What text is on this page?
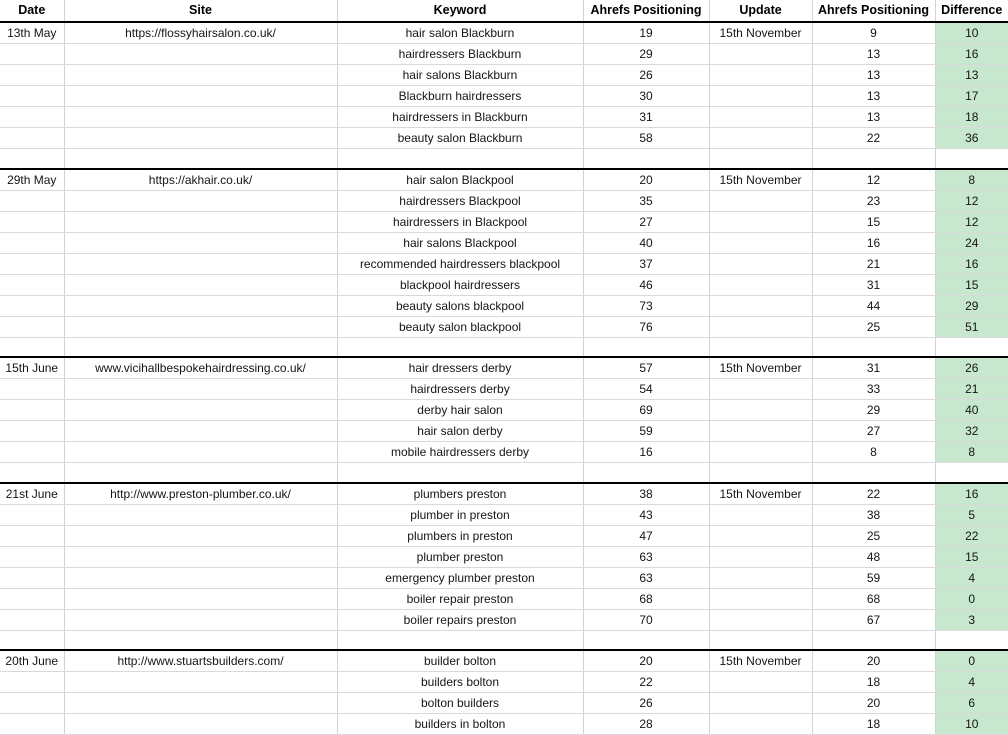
Date	Site	Keyword	Ahrefs Positioning	Update	Ahrefs Positioning	Difference
13th May	https://flossyhairsalon.co.uk/	hair salon Blackburn	19	15th November	9	10
		hairdressers Blackburn	29		13	16
		hair salons Blackburn	26		13	13
		Blackburn hairdressers	30		13	17
		hairdressers in Blackburn	31		13	18
		beauty salon Blackburn	58		22	36

29th May	https://akhair.co.uk/	hair salon Blackpool	20	15th November	12	8
		hairdressers Blackpool	35		23	12
		hairdressers in Blackpool	27		15	12
		hair salons Blackpool	40		16	24
		recommended hairdressers blackpool	37		21	16
		blackpool hairdressers	46		31	15
		beauty salons blackpool	73		44	29
		beauty salon blackpool	76		25	51

15th June	www.vicihallbespokehairdressing.co.uk/	hair dressers derby	57	15th November	31	26
		hairdressers derby	54		33	21
		derby hair salon	69		29	40
		hair salon derby	59		27	32
		mobile hairdressers derby	16		8	8

21st June	http://www.preston-plumber.co.uk/	plumbers preston	38	15th November	22	16
		plumber in preston	43		38	5
		plumbers in preston	47		25	22
		plumber preston	63		48	15
		emergency plumber preston	63		59	4
		boiler repair preston	68		68	0
		boiler repairs preston	70		67	3

20th June	http://www.stuartsbuilders.com/	builder bolton	20	15th November	20	0
		builders bolton	22		18	4
		bolton builders	26		20	6
		builders in bolton	28		18	10
